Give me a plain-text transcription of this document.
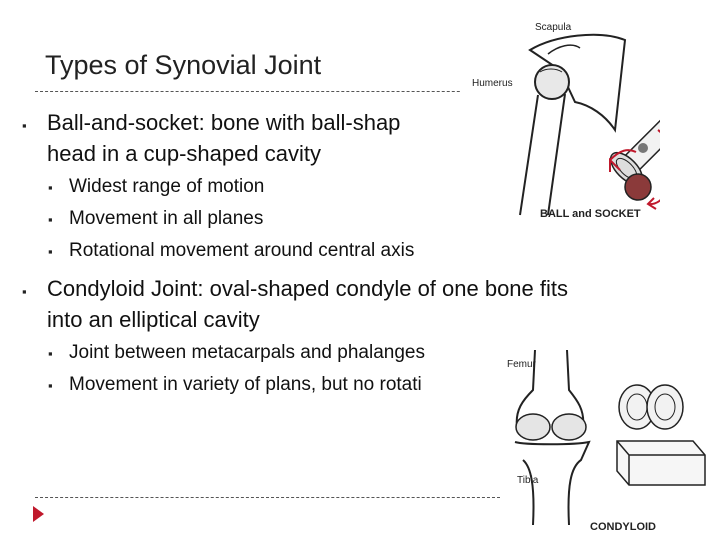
Types of Synovial Joint
Scapula
Humerus
BALL and SOCKET
Femur
Tibia
CONDYLOID
▪ Ball-and-socket: bone with ball-shap
head in a cup-shaped cavity
▪ Widest range of motion
▪ Movement in all planes
▪ Rotational movement around central axis
▪ Condyloid Joint: oval-shaped condyle of one bone fits
into an elliptical cavity
▪ Joint between metacarpals and phalanges
▪ Movement in variety of plans, but no rotati
